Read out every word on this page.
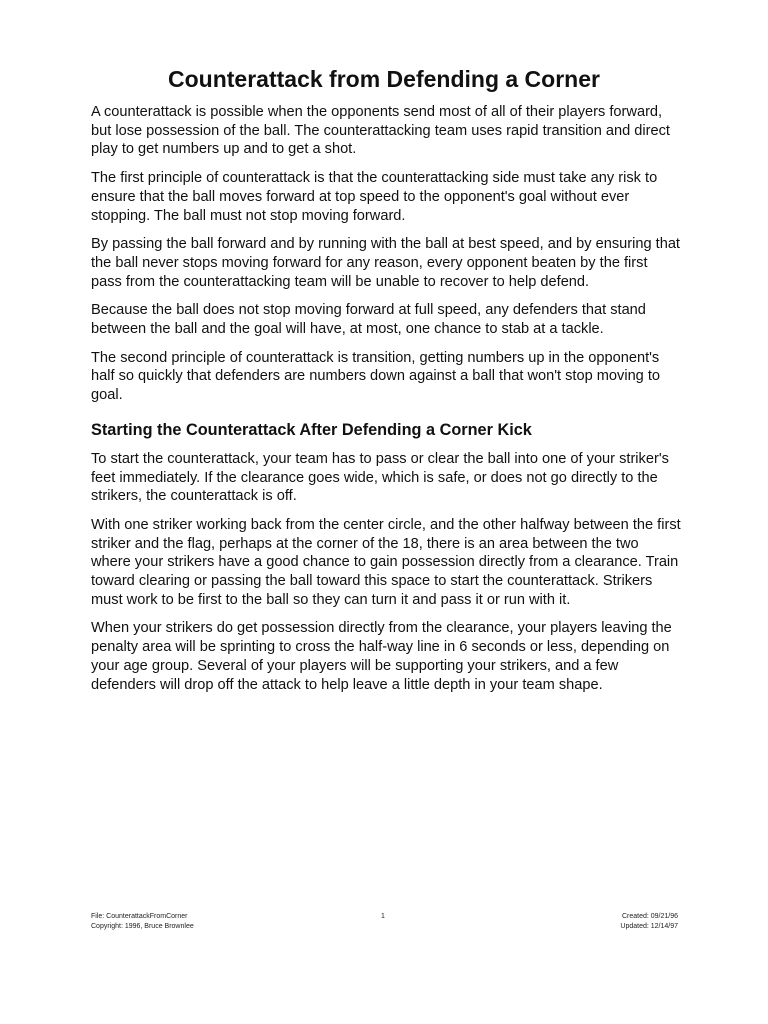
Counterattack from Defending a Corner

A counterattack is possible when the opponents send most of all of their players forward, but lose possession of the ball. The counterattacking team uses rapid transition and direct play to get numbers up and to get a shot.

The first principle of counterattack is that the counterattacking side must take any risk to ensure that the ball moves forward at top speed to the opponent's goal without ever stopping. The ball must not stop moving forward.

By passing the ball forward and by running with the ball at best speed, and by ensuring that the ball never stops moving forward for any reason, every opponent beaten by the first pass from the counterattacking team will be unable to recover to help defend.

Because the ball does not stop moving forward at full speed, any defenders that stand between the ball and the goal will have, at most, one chance to stab at a tackle.

The second principle of counterattack is transition, getting numbers up in the opponent's half so quickly that defenders are numbers down against a ball that won't stop moving to goal.

Starting the Counterattack After Defending a Corner Kick

To start the counterattack, your team has to pass or clear the ball into one of your striker's feet immediately. If the clearance goes wide, which is safe, or does not go directly to the strikers, the counterattack is off.

With one striker working back from the center circle, and the other halfway between the first striker and the flag, perhaps at the corner of the 18, there is an area between the two where your strikers have a good chance to gain possession directly from a clearance. Train toward clearing or passing the ball toward this space to start the counterattack. Strikers must work to be first to the ball so they can turn it and pass it or run with it.

When your strikers do get possession directly from the clearance, your players leaving the penalty area will be sprinting to cross the half-way line in 6 seconds or less, depending on your age group. Several of your players will be supporting your strikers, and a few defenders will drop off the attack to help leave a little depth in your team shape.

File: CounterattackFromCorner
Copyright: 1996, Bruce Brownlee
1	Created: 09/21/96
Updated: 12/14/97
